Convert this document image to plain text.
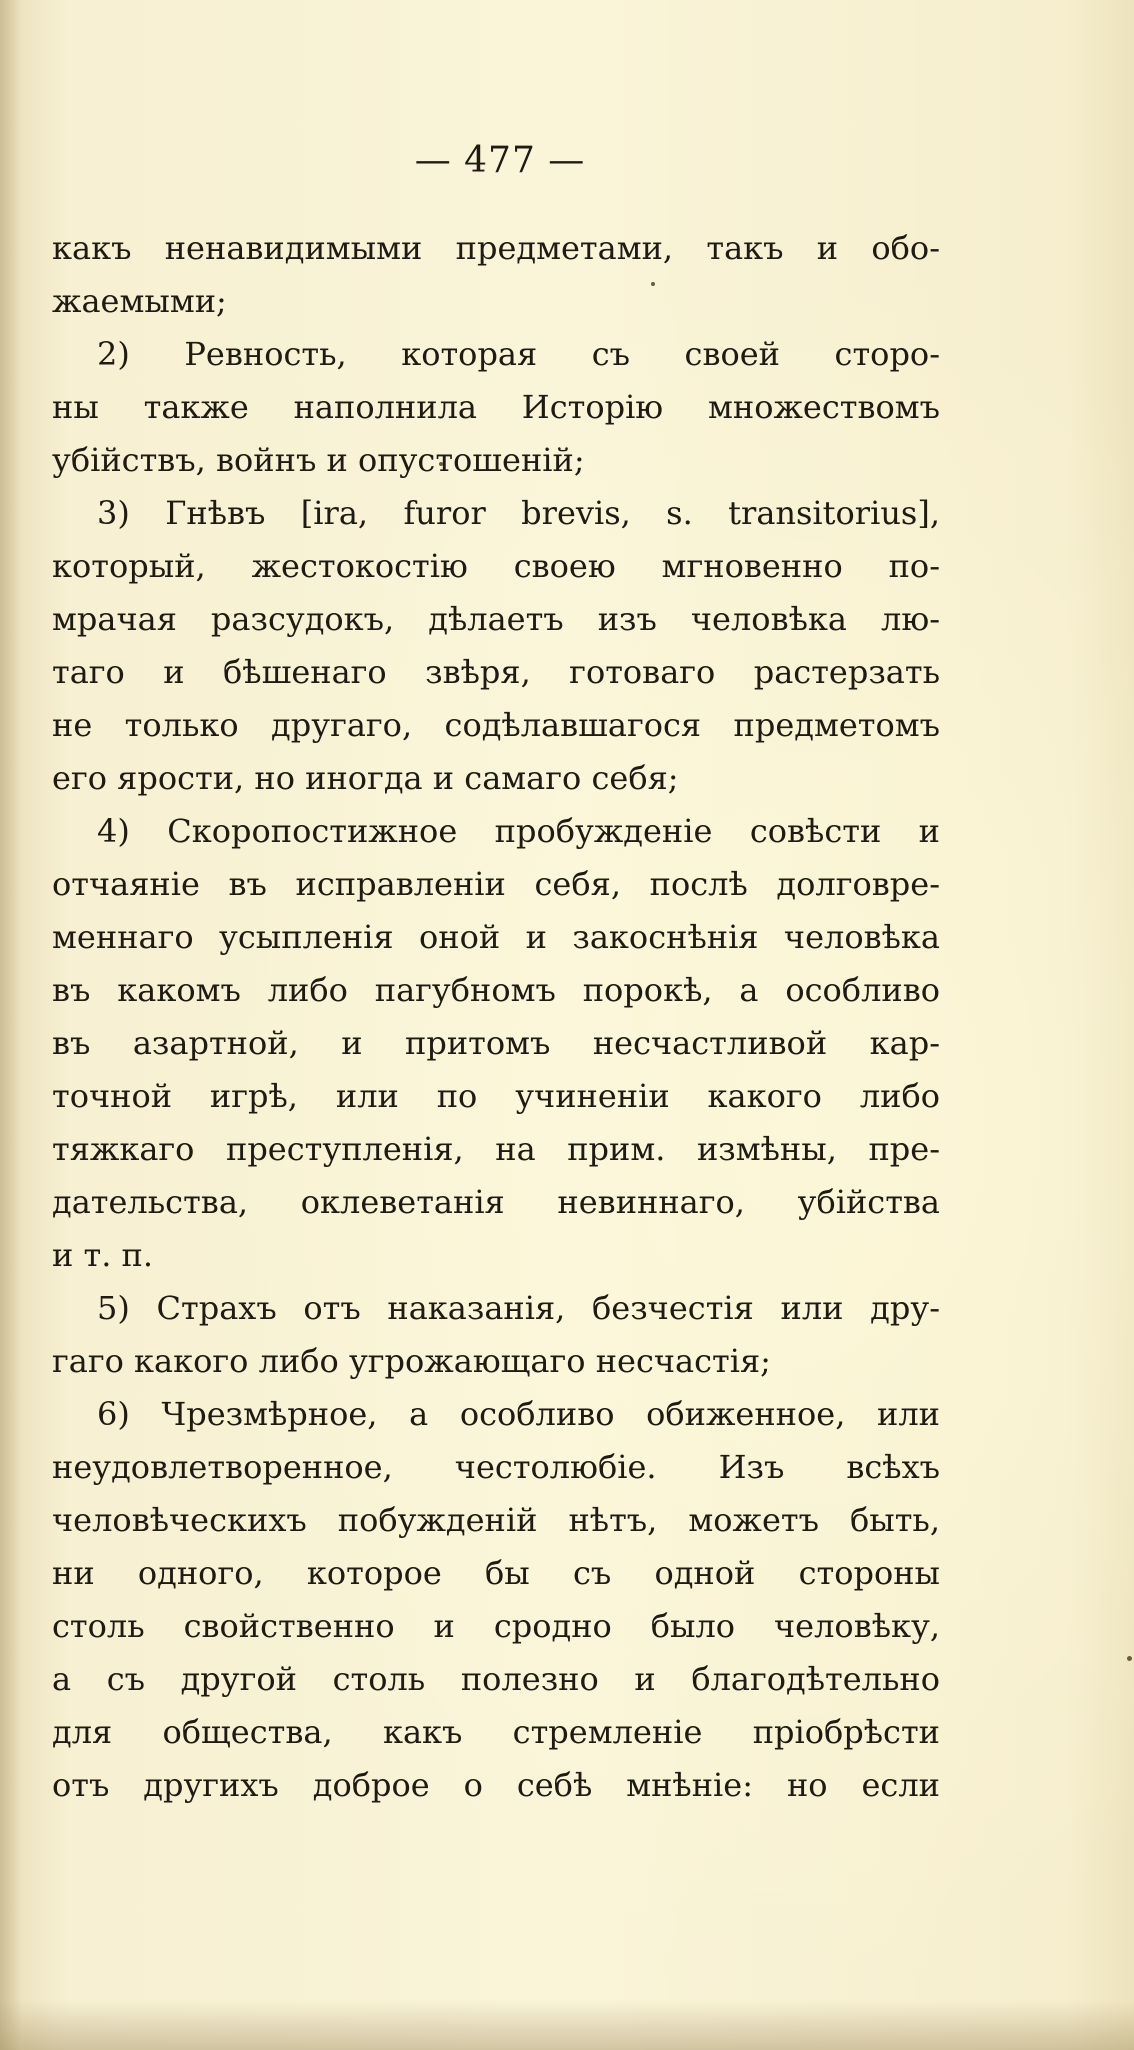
— 477 —
какъ ненавидимыми предметами, такъ и обо-
жаемыми;
2) Ревность, которая съ своей сторо-
ны также наполнила Исторію множествомъ
убійствъ, войнъ и опустошеній;
3) Гнѣвъ [ira, furor brevis, s. transitorius],
который, жестокостію своею мгновенно по-
мрачая разсудокъ, дѣлаетъ изъ человѣка лю-
таго и бѣшенаго звѣря, готоваго растерзать
не только другаго, содѣлавшагося предметомъ
его ярости, но иногда и самаго себя;
4) Скоропостижное пробужденіе совѣсти и
отчаяніе въ исправленіи себя, послѣ долговре-
меннаго усыпленія оной и закоснѣнія человѣка
въ какомъ либо пагубномъ порокѣ, а особливо
въ азартной, и притомъ несчастливой кар-
точной игрѣ, или по учиненіи какого либо
тяжкаго преступленія, на прим. измѣны, пре-
дательства, оклеветанія невиннаго, убійства
и т. п.
5) Страхъ отъ наказанія, безчестія или дру-
гаго какого либо угрожающаго несчастія;
6) Чрезмѣрное, а особливо обиженное, или
неудовлетворенное, честолюбіе. Изъ всѣхъ
человѣческихъ побужденій нѣтъ, можетъ быть,
ни одного, которое бы съ одной стороны
столь свойственно и сродно было человѣку,
а съ другой столь полезно и благодѣтельно
для общества, какъ стремленіе пріобрѣсти
отъ другихъ доброе о себѣ мнѣніе: но если
